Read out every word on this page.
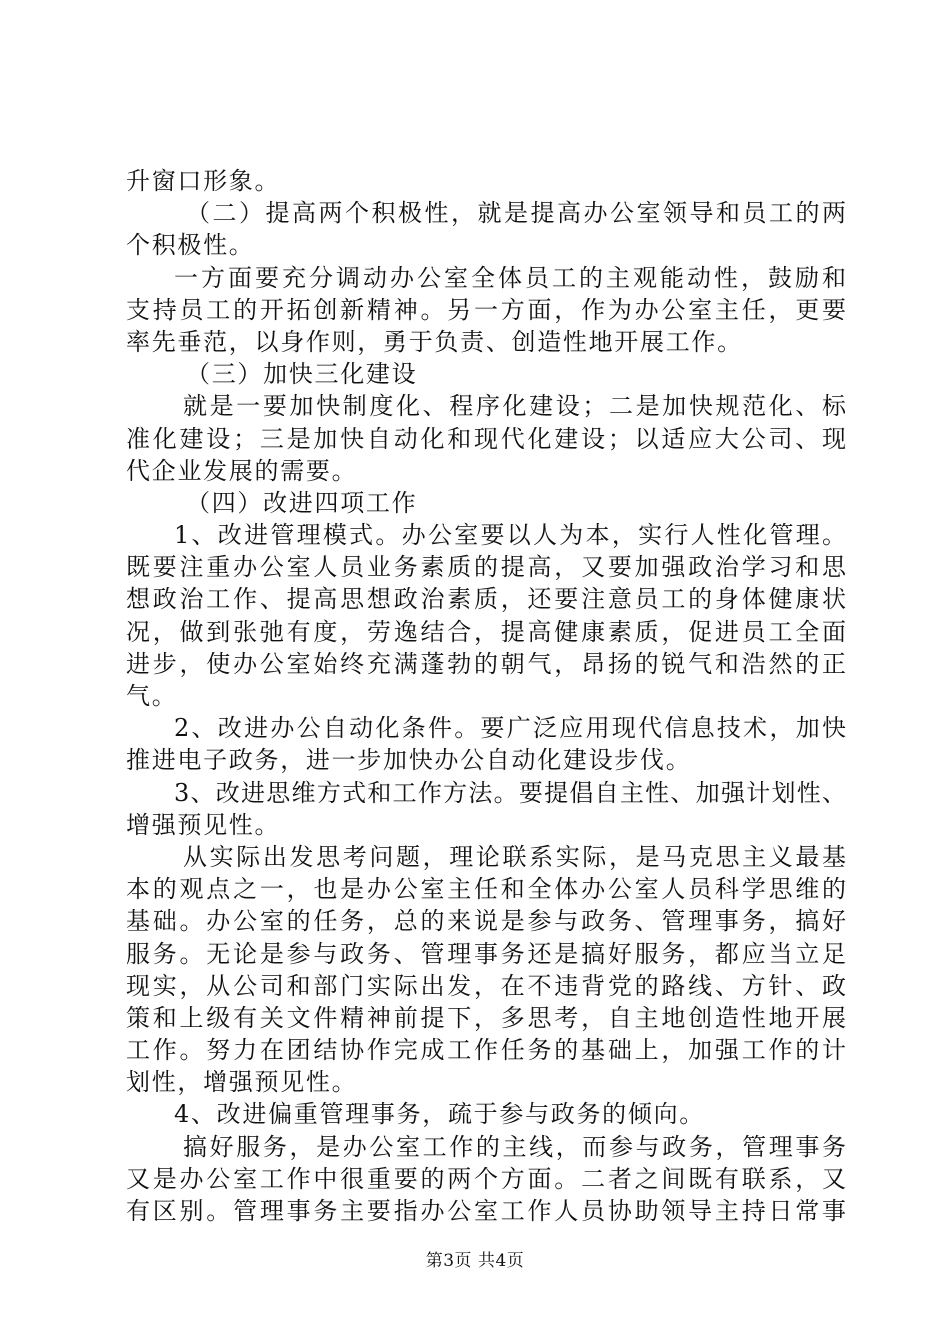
升窗口形象。
（二）提高两个积极性，就是提高办公室领导和员工的两
个积极性。
一方面要充分调动办公室全体员工的主观能动性，鼓励和
支持员工的开拓创新精神。另一方面，作为办公室主任，更要
率先垂范，以身作则，勇于负责、创造性地开展工作。
（三）加快三化建设
就是一要加快制度化、程序化建设；二是加快规范化、标
准化建设；三是加快自动化和现代化建设；以适应大公司、现
代企业发展的需要。
（四）改进四项工作
1、改进管理模式。办公室要以人为本，实行人性化管理。
既要注重办公室人员业务素质的提高，又要加强政治学习和思
想政治工作、提高思想政治素质，还要注意员工的身体健康状
况，做到张弛有度，劳逸结合，提高健康素质，促进员工全面
进步，使办公室始终充满蓬勃的朝气，昂扬的锐气和浩然的正
气。
2、改进办公自动化条件。要广泛应用现代信息技术，加快
推进电子政务，进一步加快办公自动化建设步伐。
3、改进思维方式和工作方法。要提倡自主性、加强计划性、
增强预见性。
从实际出发思考问题，理论联系实际，是马克思主义最基
本的观点之一，也是办公室主任和全体办公室人员科学思维的
基础。办公室的任务，总的来说是参与政务、管理事务，搞好
服务。无论是参与政务、管理事务还是搞好服务，都应当立足
现实，从公司和部门实际出发，在不违背党的路线、方针、政
策和上级有关文件精神前提下，多思考，自主地创造性地开展
工作。努力在团结协作完成工作任务的基础上，加强工作的计
划性，增强预见性。
4、改进偏重管理事务，疏于参与政务的倾向。
搞好服务，是办公室工作的主线，而参与政务，管理事务
又是办公室工作中很重要的两个方面。二者之间既有联系，又
有区别。管理事务主要指办公室工作人员协助领导主持日常事
第3页 共4页
